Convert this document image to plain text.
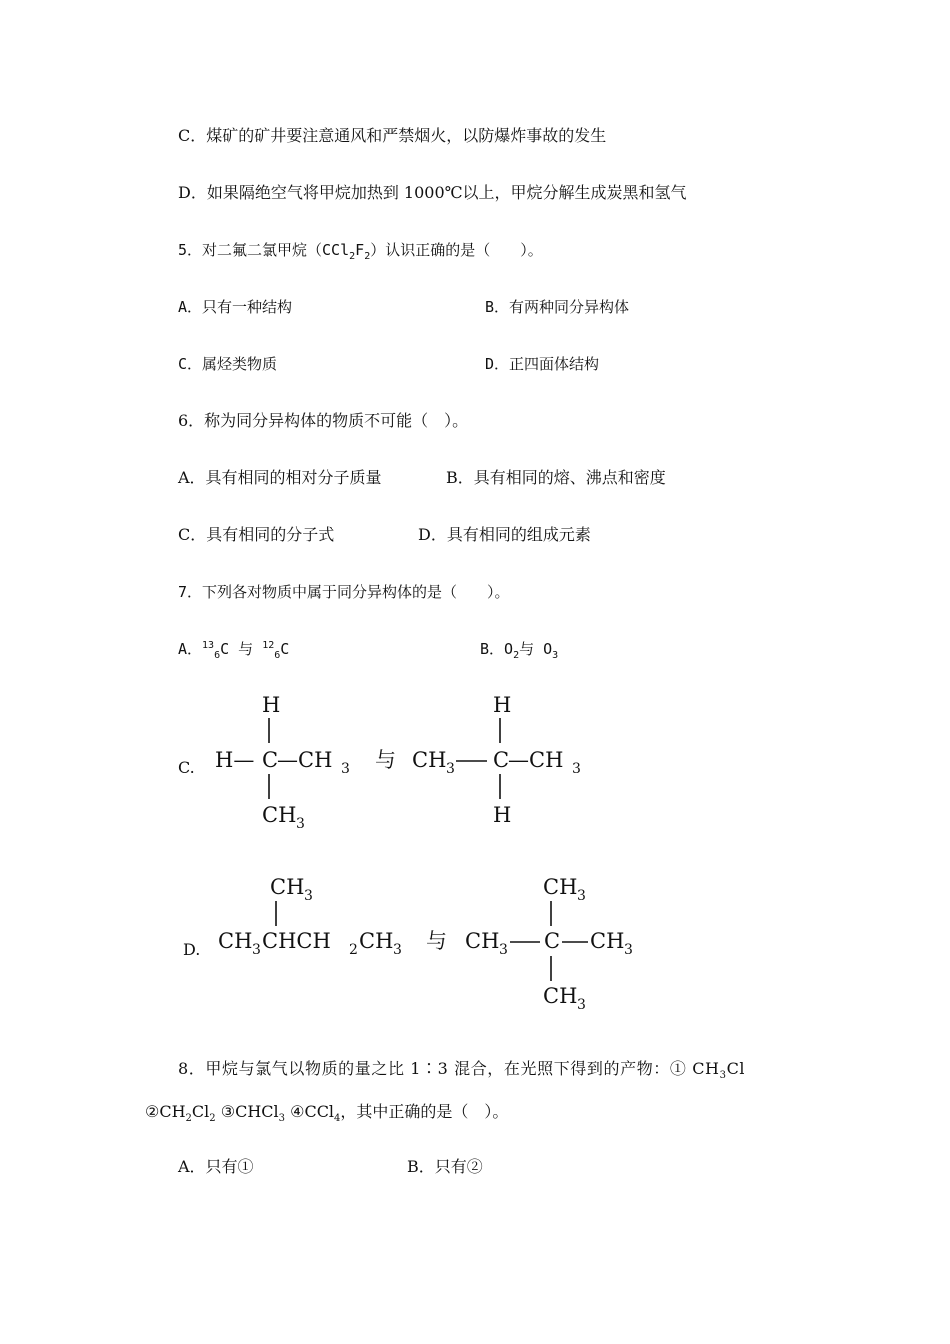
C．煤矿的矿井要注意通风和严禁烟火，以防爆炸事故的发生
D．如果隔绝空气将甲烷加热到 1000℃以上，甲烷分解生成炭黑和氢气
5．对二氟二氯甲烷$(CCl_2F_2)$认识正确的是（　　）。
A．只有一种结构	B．有两种同分异构体
C．属烃类物质	D．正四面体结构
6．称为同分异构体的物质不可能（　）。
A．具有相同的相对分子质量	B．具有相同的熔、沸点和密度
C．具有相同的分子式	D．具有相同的组成元素
7．下列各对物质中属于同分异构体的是（　　）。
A．$^{13}_6$C 与 $^{12}_6$C	B．$O_2$与 $O_3$
C.
H
H— C
—CH 3
CH 3
与
H
CH 3 C
—CH 3
H
D.
CH 3
CH 3 CHCH 2 CH 3 与
CH 3
CH 3 C CH 3
CH 3
8．甲烷与氯气以物质的量之比 1∶3 混合，在光照下得到的产物：① $CH_3Cl$
$②CH_2Cl_2$ ③CHCl$_3$ ④CCl$_4$，其中正确的是（　）。
A．只有①	B．只有②
